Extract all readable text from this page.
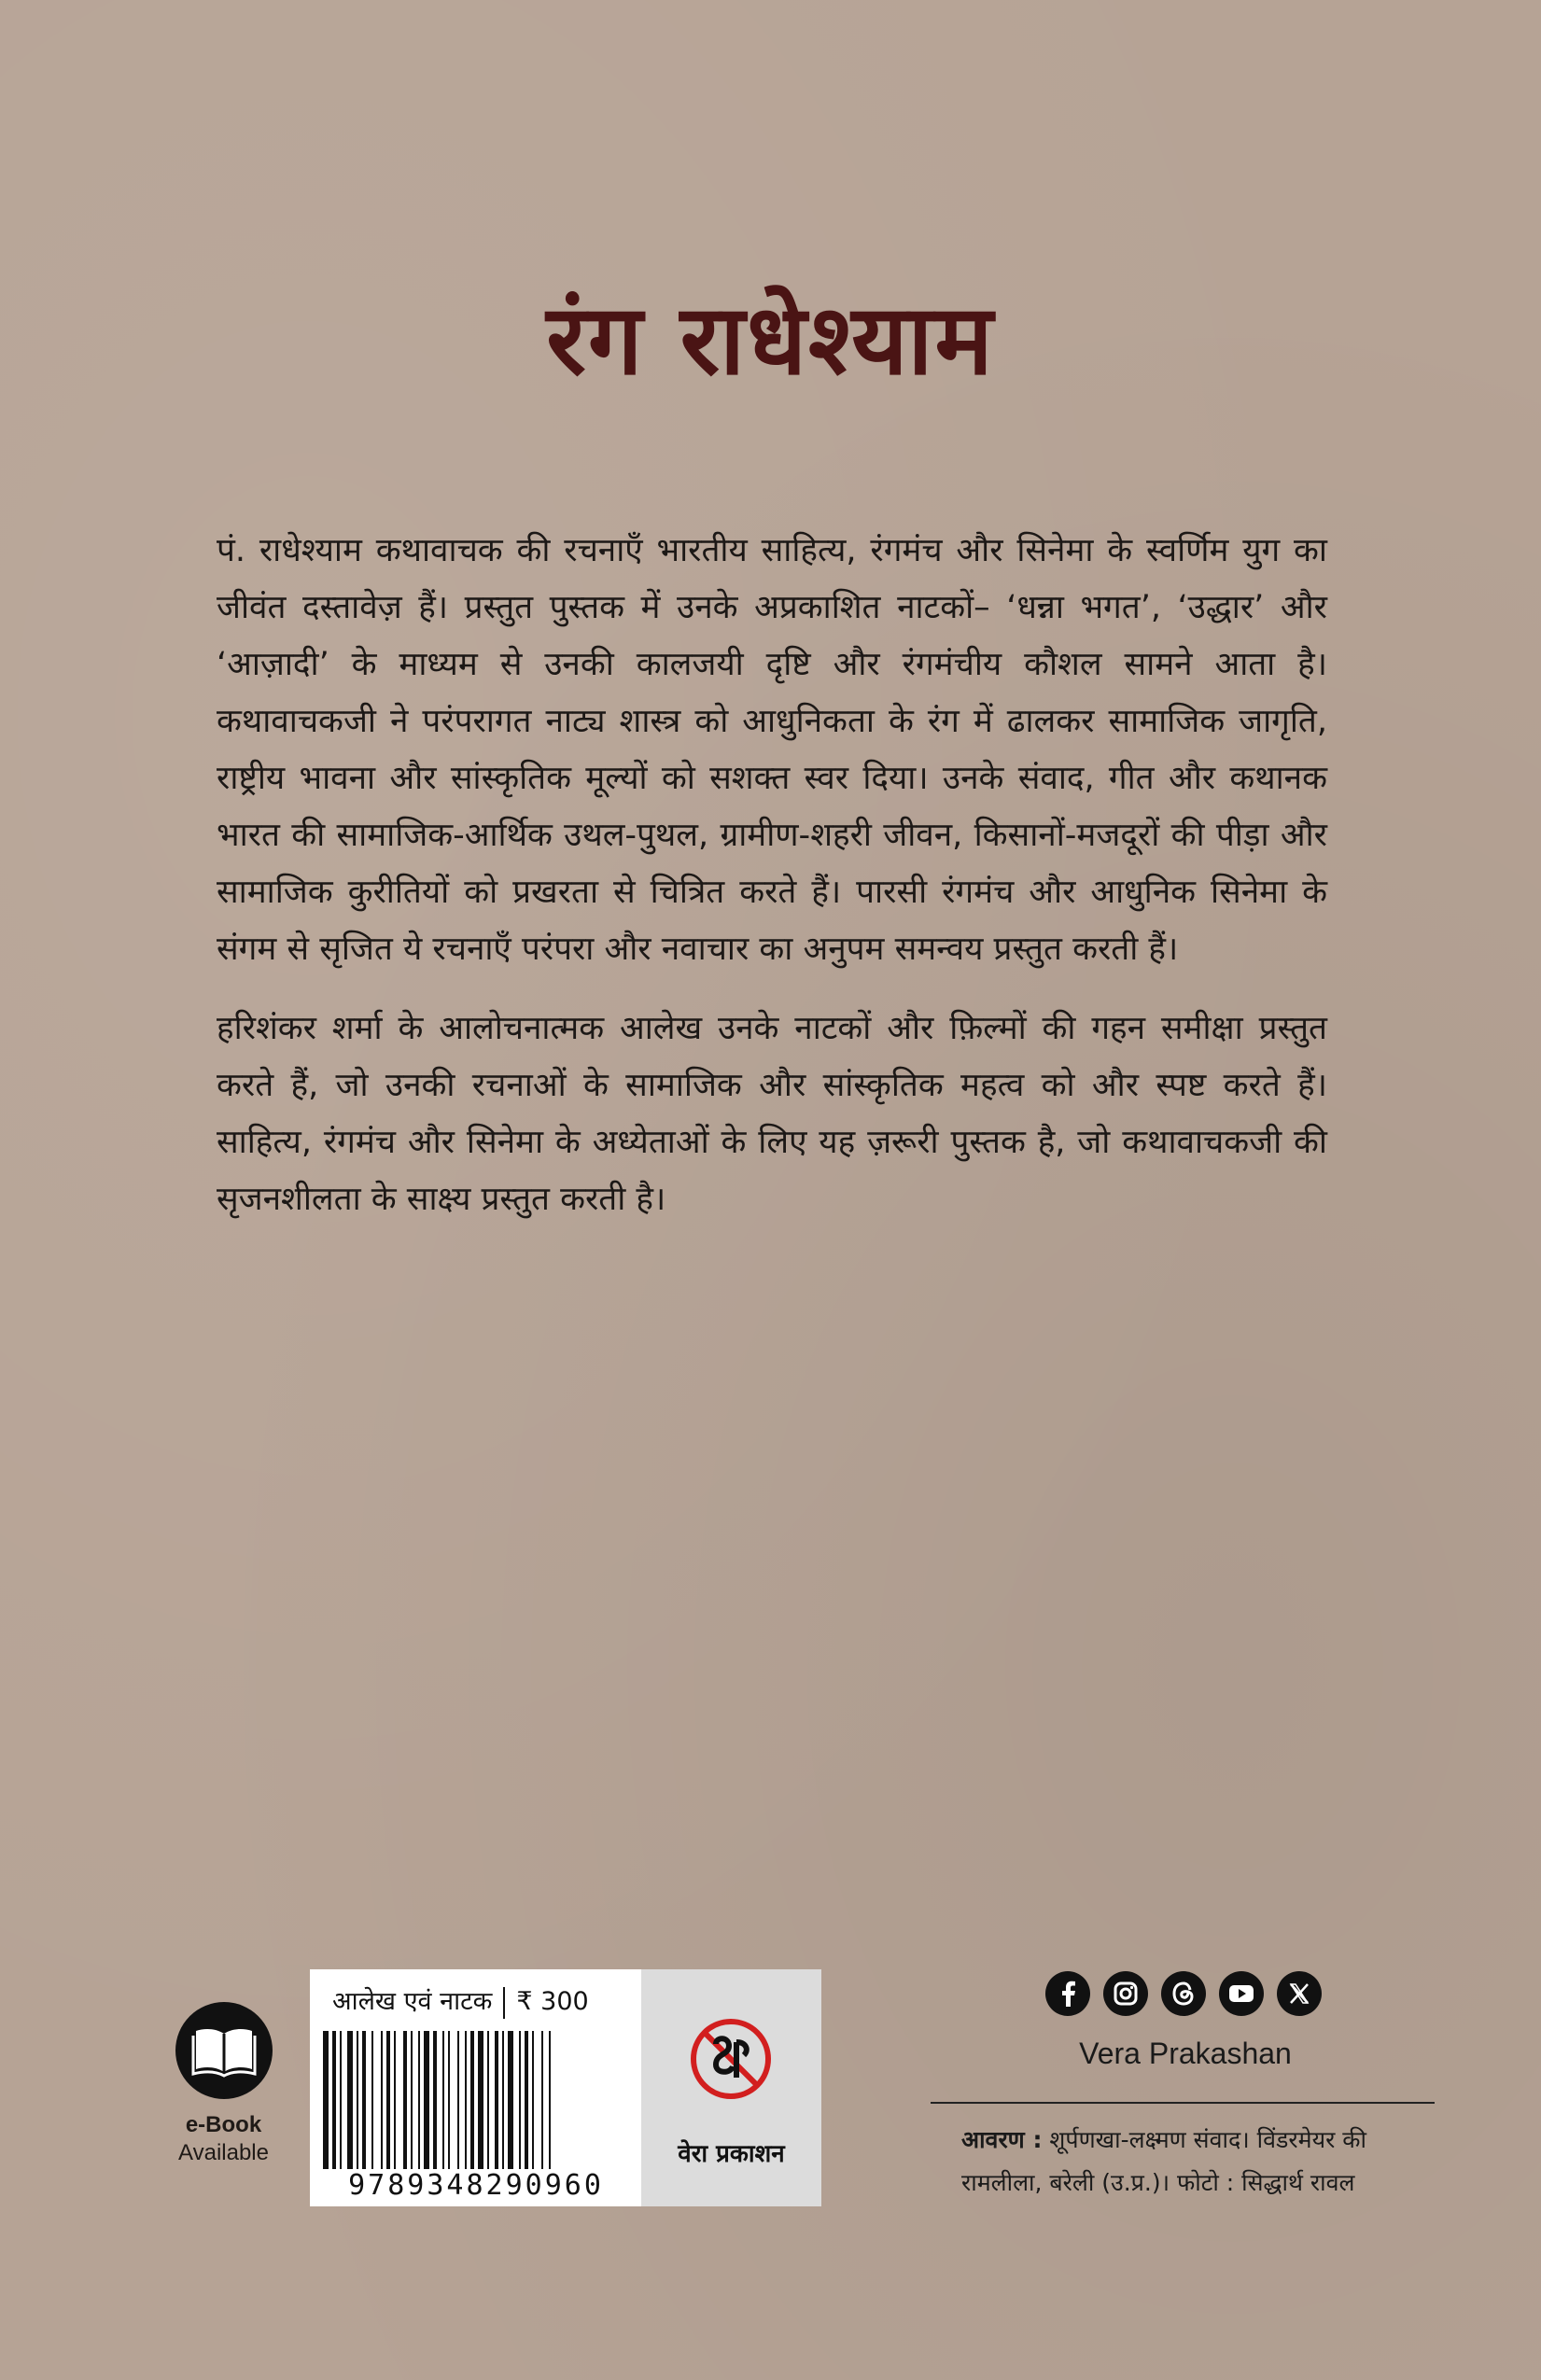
रंग राधेश्याम

पं. राधेश्याम कथावाचक की रचनाएँ भारतीय साहित्य, रंगमंच और सिनेमा के स्वर्णिम युग का जीवंत दस्तावेज़ हैं। प्रस्तुत पुस्तक में उनके अप्रकाशित नाटकों– ‘धन्ना भगत’, ‘उद्धार’ और ‘आज़ादी’ के माध्यम से उनकी कालजयी दृष्टि और रंगमंचीय कौशल सामने आता है। कथावाचकजी ने परंपरागत नाट्य शास्त्र को आधुनिकता के रंग में ढालकर सामाजिक जागृति, राष्ट्रीय भावना और सांस्कृतिक मूल्यों को सशक्त स्वर दिया। उनके संवाद, गीत और कथानक भारत की सामाजिक-आर्थिक उथल-पुथल, ग्रामीण-शहरी जीवन, किसानों-मजदूरों की पीड़ा और सामाजिक कुरीतियों को प्रखरता से चित्रित करते हैं। पारसी रंगमंच और आधुनिक सिनेमा के संगम से सृजित ये रचनाएँ परंपरा और नवाचार का अनुपम समन्वय प्रस्तुत करती हैं।

हरिशंकर शर्मा के आलोचनात्मक आलेख उनके नाटकों और फ़िल्मों की गहन समीक्षा प्रस्तुत करते हैं, जो उनकी रचनाओं के सामाजिक और सांस्कृतिक महत्व को और स्पष्ट करते हैं। साहित्य, रंगमंच और सिनेमा के अध्येताओं के लिए यह ज़रूरी पुस्तक है, जो कथावाचकजी की सृजनशीलता के साक्ष्य प्रस्तुत करती है।

e-Book
Available
आलेख एवं नाटक ₹ 300
9789348290960
वेरा प्रकाशन
Vera Prakashan
आवरण : शूर्पणखा-लक्ष्मण संवाद। विंडरमेयर की रामलीला, बरेली (उ.प्र.)। फोटो : सिद्धार्थ रावल
